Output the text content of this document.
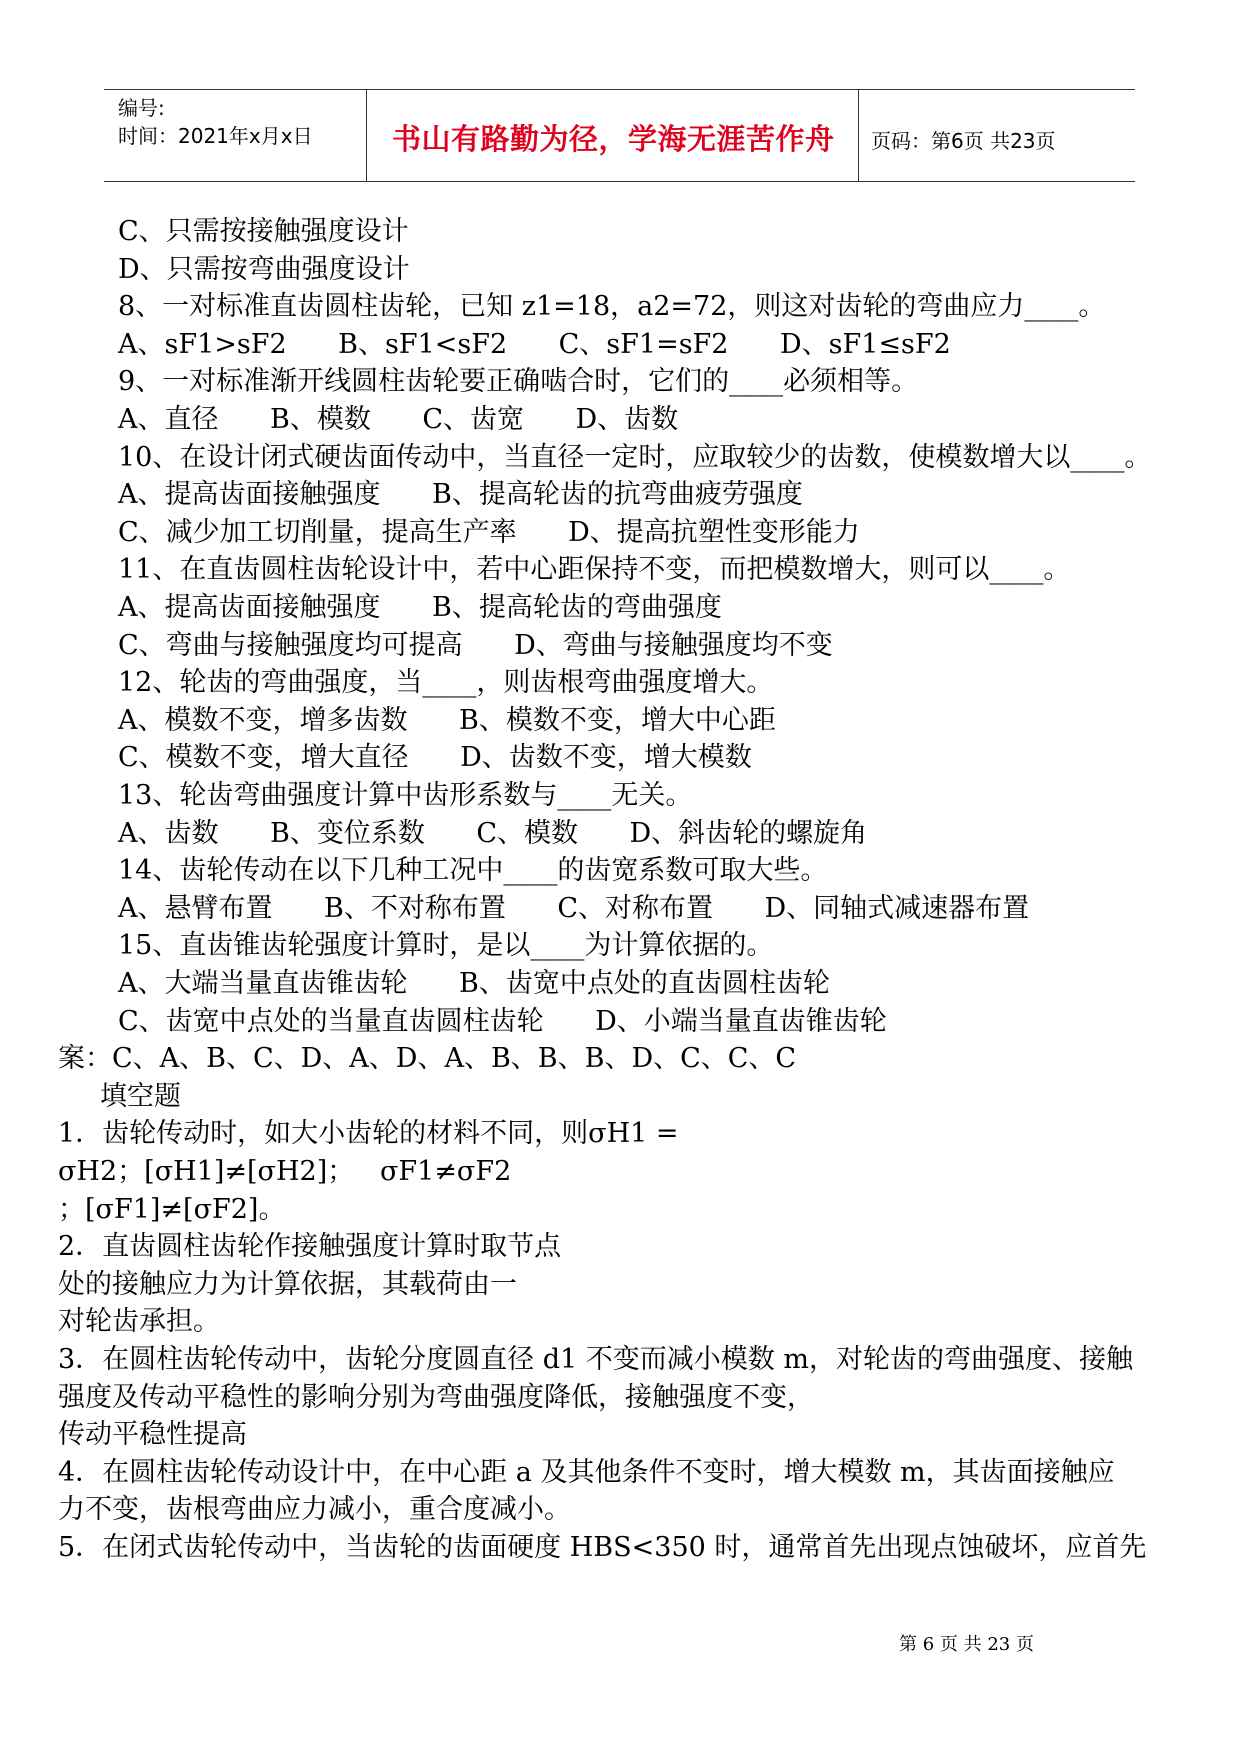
编号:
时间：2021年x月x日	书山有路勤为径，学海无涯苦作舟 页码：第6页 共23页
C、只需按接触强度设计
D、只需按弯曲强度设计
8、一对标准直齿圆柱齿轮，已知 z1=18，a2=72，则这对齿轮的弯曲应力____。
A、sF1>sF2      B、sF1<sF2      C、sF1=sF2      D、sF1≤sF2
9、一对标准渐开线圆柱齿轮要正确啮合时，它们的____必须相等。
A、直径      B、模数      C、齿宽      D、齿数
10、在设计闭式硬齿面传动中，当直径一定时，应取较少的齿数，使模数增大以____。
A、提高齿面接触强度      B、提高轮齿的抗弯曲疲劳强度
C、减少加工切削量，提高生产率      D、提高抗塑性变形能力
11、在直齿圆柱齿轮设计中，若中心距保持不变，而把模数增大，则可以____。
A、提高齿面接触强度      B、提高轮齿的弯曲强度
C、弯曲与接触强度均可提高      D、弯曲与接触强度均不变
12、轮齿的弯曲强度，当____，则齿根弯曲强度增大。
A、模数不变，增多齿数      B、模数不变，增大中心距
C、模数不变，增大直径      D、齿数不变，增大模数
13、轮齿弯曲强度计算中齿形系数与____无关。
A、齿数      B、变位系数      C、模数      D、斜齿轮的螺旋角
14、齿轮传动在以下几种工况中____的齿宽系数可取大些。
A、悬臂布置      B、不对称布置      C、对称布置      D、同轴式减速器布置
15、直齿锥齿轮强度计算时，是以____为计算依据的。
A、大端当量直齿锥齿轮      B、齿宽中点处的直齿圆柱齿轮
C、齿宽中点处的当量直齿圆柱齿轮      D、小端当量直齿锥齿轮
案：C、A、B、C、D、A、D、A、B、B、B、D、C、C、C
填空题
1．齿轮传动时，如大小齿轮的材料不同，则σH1 =
σH2；[σH1]≠[σH2]；   σF1≠σF2
；[σF1]≠[σF2]。
2．直齿圆柱齿轮作接触强度计算时取节点
处的接触应力为计算依据，其载荷由一
对轮齿承担。
3．在圆柱齿轮传动中，齿轮分度圆直径 d1 不变而减小模数 m，对轮齿的弯曲强度、接触
强度及传动平稳性的影响分别为弯曲强度降低，接触强度不变，
传动平稳性提高
4．在圆柱齿轮传动设计中，在中心距 a 及其他条件不变时，增大模数 m，其齿面接触应
力不变，齿根弯曲应力减小，重合度减小。
5．在闭式齿轮传动中，当齿轮的齿面硬度 HBS<350 时，通常首先出现点蚀破坏，应首先
第 6 页 共 23 页
